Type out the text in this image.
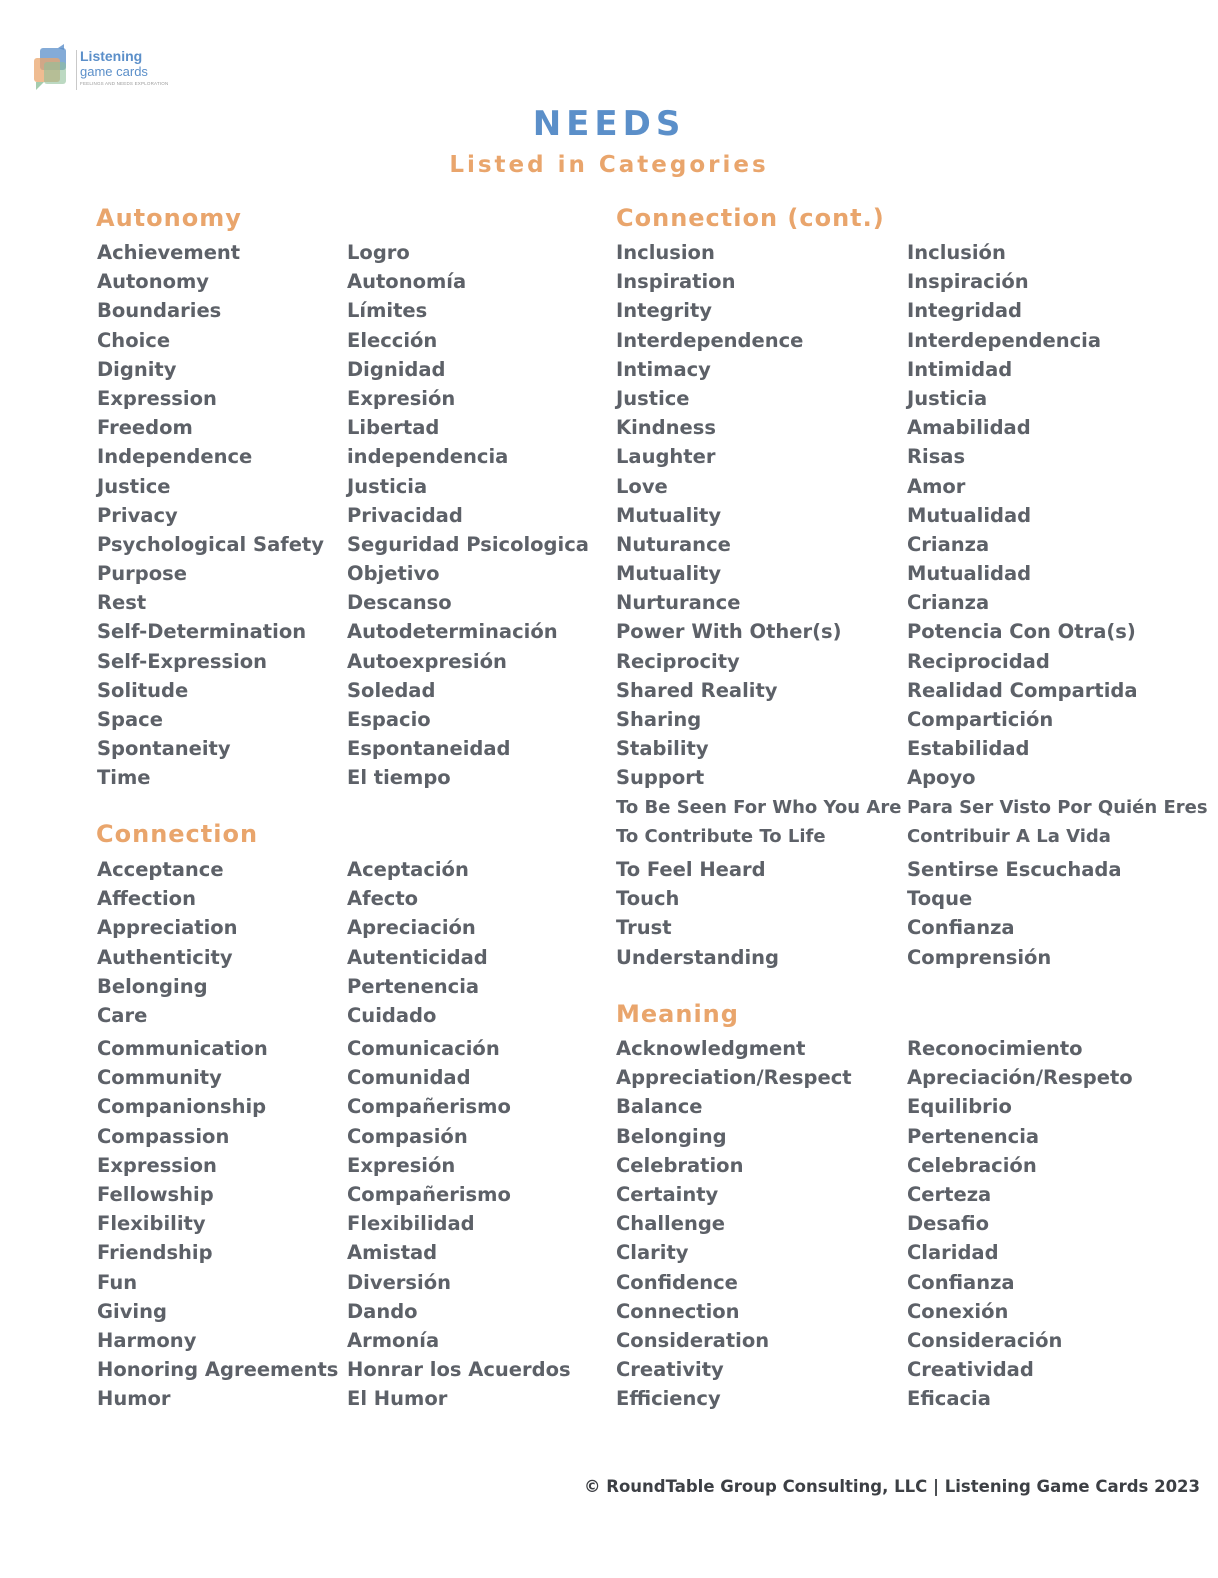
Listening
game cards
FEELINGS AND NEEDS EXPLORATION
NEEDS
Listed in Categories
Autonomy
Achievement
Autonomy
Boundaries
Choice
Dignity
Expression
Freedom
Independence
Justice
Privacy
Psychological Safety
Purpose
Rest
Self-Determination
Self-Expression
Solitude
Space
Spontaneity
Time
Logro
Autonomía
Límites
Elección
Dignidad
Expresión
Libertad
independencia
Justicia
Privacidad
Seguridad Psicologica
Objetivo
Descanso
Autodeterminación
Autoexpresión
Soledad
Espacio
Espontaneidad
El tiempo
Connection
Acceptance
Affection
Appreciation
Authenticity
Belonging
Care
Aceptación
Afecto
Apreciación
Autenticidad
Pertenencia
Cuidado
Communication
Community
Companionship
Compassion
Expression
Fellowship
Flexibility
Friendship
Fun
Giving
Harmony
Honoring Agreements
Humor
Comunicación
Comunidad
Compañerismo
Compasión
Expresión
Compañerismo
Flexibilidad
Amistad
Diversión
Dando
Armonía
Honrar los Acuerdos
El Humor
Connection (cont.)
Inclusion
Inspiration
Integrity
Interdependence
Intimacy
Justice
Kindness
Laughter
Love
Mutuality
Nuturance
Mutuality
Nurturance
Power With Other(s)
Reciprocity
Shared Reality
Sharing
Stability
Support
To Be Seen For Who You Are
To Contribute To Life
Inclusión
Inspiración
Integridad
Interdependencia
Intimidad
Justicia
Amabilidad
Risas
Amor
Mutualidad
Crianza
Mutualidad
Crianza
Potencia Con Otra(s)
Reciprocidad
Realidad Compartida
Compartición
Estabilidad
Apoyo
Para Ser Visto Por Quién Eres
Contribuir A La Vida
To Feel Heard
Touch
Trust
Understanding
Sentirse Escuchada
Toque
Confianza
Comprensión
Meaning
Acknowledgment
Appreciation/Respect
Balance
Belonging
Celebration
Certainty
Challenge
Clarity
Confidence
Connection
Consideration
Creativity
Efficiency
Reconocimiento
Apreciación/Respeto
Equilibrio
Pertenencia
Celebración
Certeza
Desafio
Claridad
Confianza
Conexión
Consideración
Creatividad
Eficacia
© RoundTable Group Consulting, LLC | Listening Game Cards 2023
